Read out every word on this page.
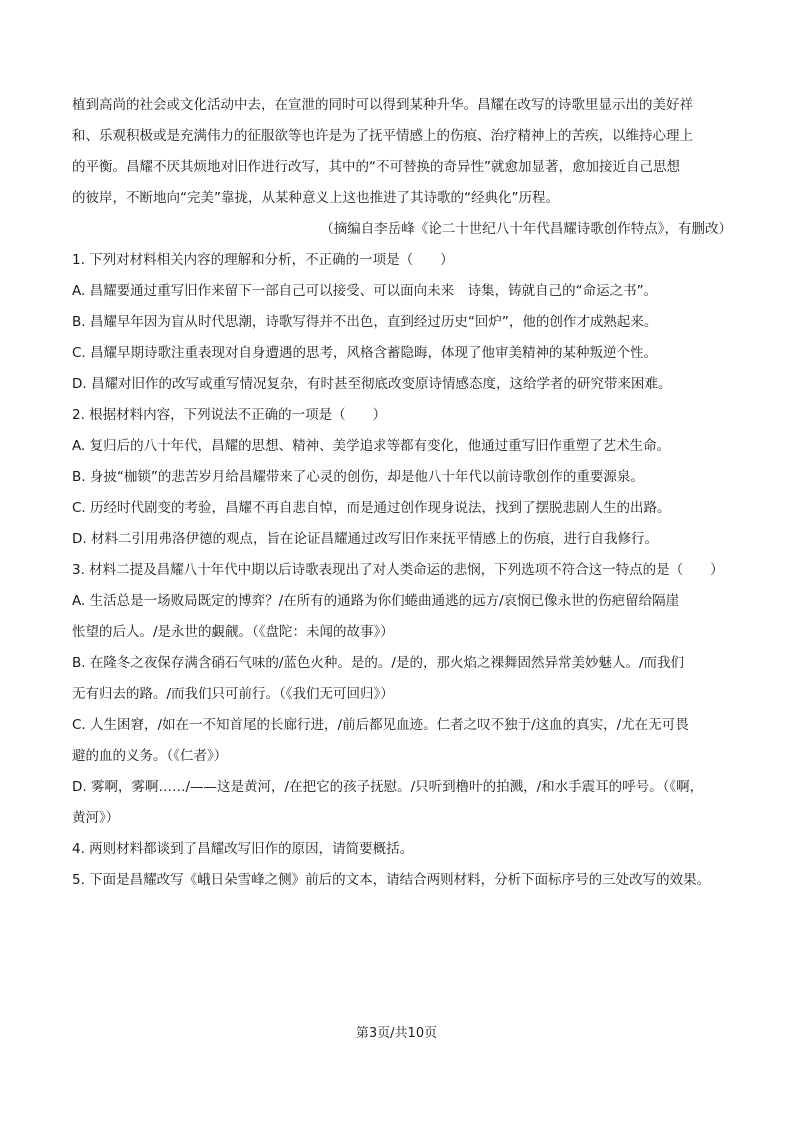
植到高尚的社会或文化活动中去，在宣泄的同时可以得到某种升华。昌耀在改写的诗歌里显示出的美好祥

和、乐观积极或是充满伟力的征服欲等也许是为了抚平情感上的伤痕、治疗精神上的苦疾，以维持心理上

的平衡。昌耀不厌其烦地对旧作进行改写，其中的“不可替换的奇异性”就愈加显著，愈加接近自己思想

的彼岸，不断地向“完美”靠拢，从某种意义上这也推进了其诗歌的“经典化”历程。

（摘编自李岳峰《论二十世纪八十年代昌耀诗歌创作特点》，有删改）

1. 下列对材料相关内容的理解和分析，不正确的一项是（　　）

A. 昌耀要通过重写旧作来留下一部自己可以接受、可以面向未来　诗集，铸就自己的“命运之书”。

B. 昌耀早年因为盲从时代思潮，诗歌写得并不出色，直到经过历史“回炉”，他的创作才成熟起来。

C. 昌耀早期诗歌注重表现对自身遭遇的思考，风格含蓄隐晦，体现了他审美精神的某种叛逆个性。

D. 昌耀对旧作的改写或重写情况复杂，有时甚至彻底改变原诗情感态度，这给学者的研究带来困难。

2. 根据材料内容，下列说法不正确的一项是（　　）

A. 复归后的八十年代，昌耀的思想、精神、美学追求等都有变化，他通过重写旧作重塑了艺术生命。

B. 身披“枷锁”的悲苦岁月给昌耀带来了心灵的创伤，却是他八十年代以前诗歌创作的重要源泉。

C. 历经时代剧变的考验，昌耀不再自悲自悼，而是通过创作现身说法，找到了摆脱悲剧人生的出路。

D. 材料二引用弗洛伊德的观点，旨在论证昌耀通过改写旧作来抚平情感上的伤痕，进行自我修行。

3. 材料二提及昌耀八十年代中期以后诗歌表现出了对人类命运的悲悯，下列选项不符合这一特点的是（　　）

A. 生活总是一场败局既定的博弈？/在所有的通路为你们蜷曲通逃的远方/哀悯已像永世的伤疤留给隔崖

怅望的后人。/是永世的覷觎。（《盘陀：未闻的故事》）

B. 在隆冬之夜保存满含硝石气味的/蓝色火种。是的。/是的，那火焰之裸舞固然异常美妙魅人。/而我们

无有归去的路。/而我们只可前行。（《我们无可回归》）

C. 人生困窘，/如在一不知首尾的长廊行进，/前后都见血迹。仁者之叹不独于/这血的真实，/尤在无可畏

避的血的义务。（《仁者》）

D. 雾啊，雾啊……/——这是黄河，/在把它的孩子抚慰。/只听到橹叶的拍溅，/和水手震耳的呼号。（《啊，

黄河》）

4. 两则材料都谈到了昌耀改写旧作的原因，请简要概括。

5. 下面是昌耀改写《峨日朵雪峰之侧》前后的文本，请结合两则材料，分析下面标序号的三处改写的效果。

第3页/共10页
